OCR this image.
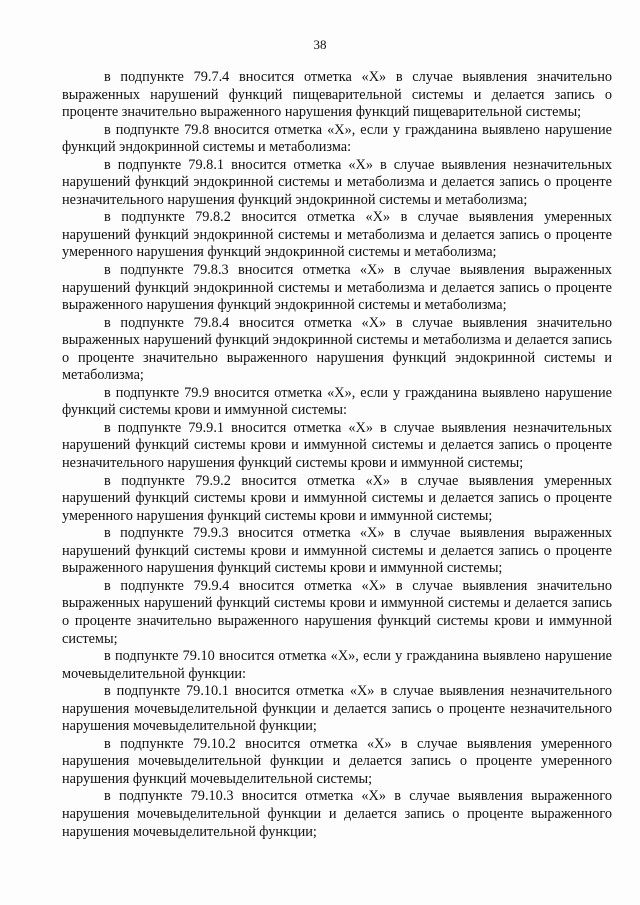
38

в подпункте 79.7.4 вносится отметка «Х» в случае выявления значительно выраженных нарушений функций пищеварительной системы и делается запись о проценте значительно выраженного нарушения функций пищеварительной системы;

в подпункте 79.8 вносится отметка «Х», если у гражданина выявлено нарушение функций эндокринной системы и метаболизма:

в подпункте 79.8.1 вносится отметка «Х» в случае выявления незначительных нарушений функций эндокринной системы и метаболизма и делается запись о проценте незначительного нарушения функций эндокринной системы и метаболизма;

в подпункте 79.8.2 вносится отметка «Х» в случае выявления умеренных нарушений функций эндокринной системы и метаболизма и делается запись о проценте умеренного нарушения функций эндокринной системы и метаболизма;

в подпункте 79.8.3 вносится отметка «Х» в случае выявления выраженных нарушений функций эндокринной системы и метаболизма и делается запись о проценте выраженного нарушения функций эндокринной системы и метаболизма;

в подпункте 79.8.4 вносится отметка «Х» в случае выявления значительно выраженных нарушений функций эндокринной системы и метаболизма и делается запись о проценте значительно выраженного нарушения функций эндокринной системы и метаболизма;

в подпункте 79.9 вносится отметка «Х», если у гражданина выявлено нарушение функций системы крови и иммунной системы:

в подпункте 79.9.1 вносится отметка «Х» в случае выявления незначительных нарушений функций системы крови и иммунной системы и делается запись о проценте незначительного нарушения функций системы крови и иммунной системы;

в подпункте 79.9.2 вносится отметка «Х» в случае выявления умеренных нарушений функций системы крови и иммунной системы и делается запись о проценте умеренного нарушения функций системы крови и иммунной системы;

в подпункте 79.9.3 вносится отметка «Х» в случае выявления выраженных нарушений функций системы крови и иммунной системы и делается запись о проценте выраженного нарушения функций системы крови и иммунной системы;

в подпункте 79.9.4 вносится отметка «Х» в случае выявления значительно выраженных нарушений функций системы крови и иммунной системы и делается запись о проценте значительно выраженного нарушения функций системы крови и иммунной системы;

в подпункте 79.10 вносится отметка «Х», если у гражданина выявлено нарушение мочевыделительной функции:

в подпункте 79.10.1 вносится отметка «Х» в случае выявления незначительного нарушения мочевыделительной функции и делается запись о проценте незначительного нарушения мочевыделительной функции;

в подпункте 79.10.2 вносится отметка «Х» в случае выявления умеренного нарушения мочевыделительной функции и делается запись о проценте умеренного нарушения функций мочевыделительной системы;

в подпункте 79.10.3 вносится отметка «Х» в случае выявления выраженного нарушения мочевыделительной функции и делается запись о проценте выраженного нарушения мочевыделительной функции;
